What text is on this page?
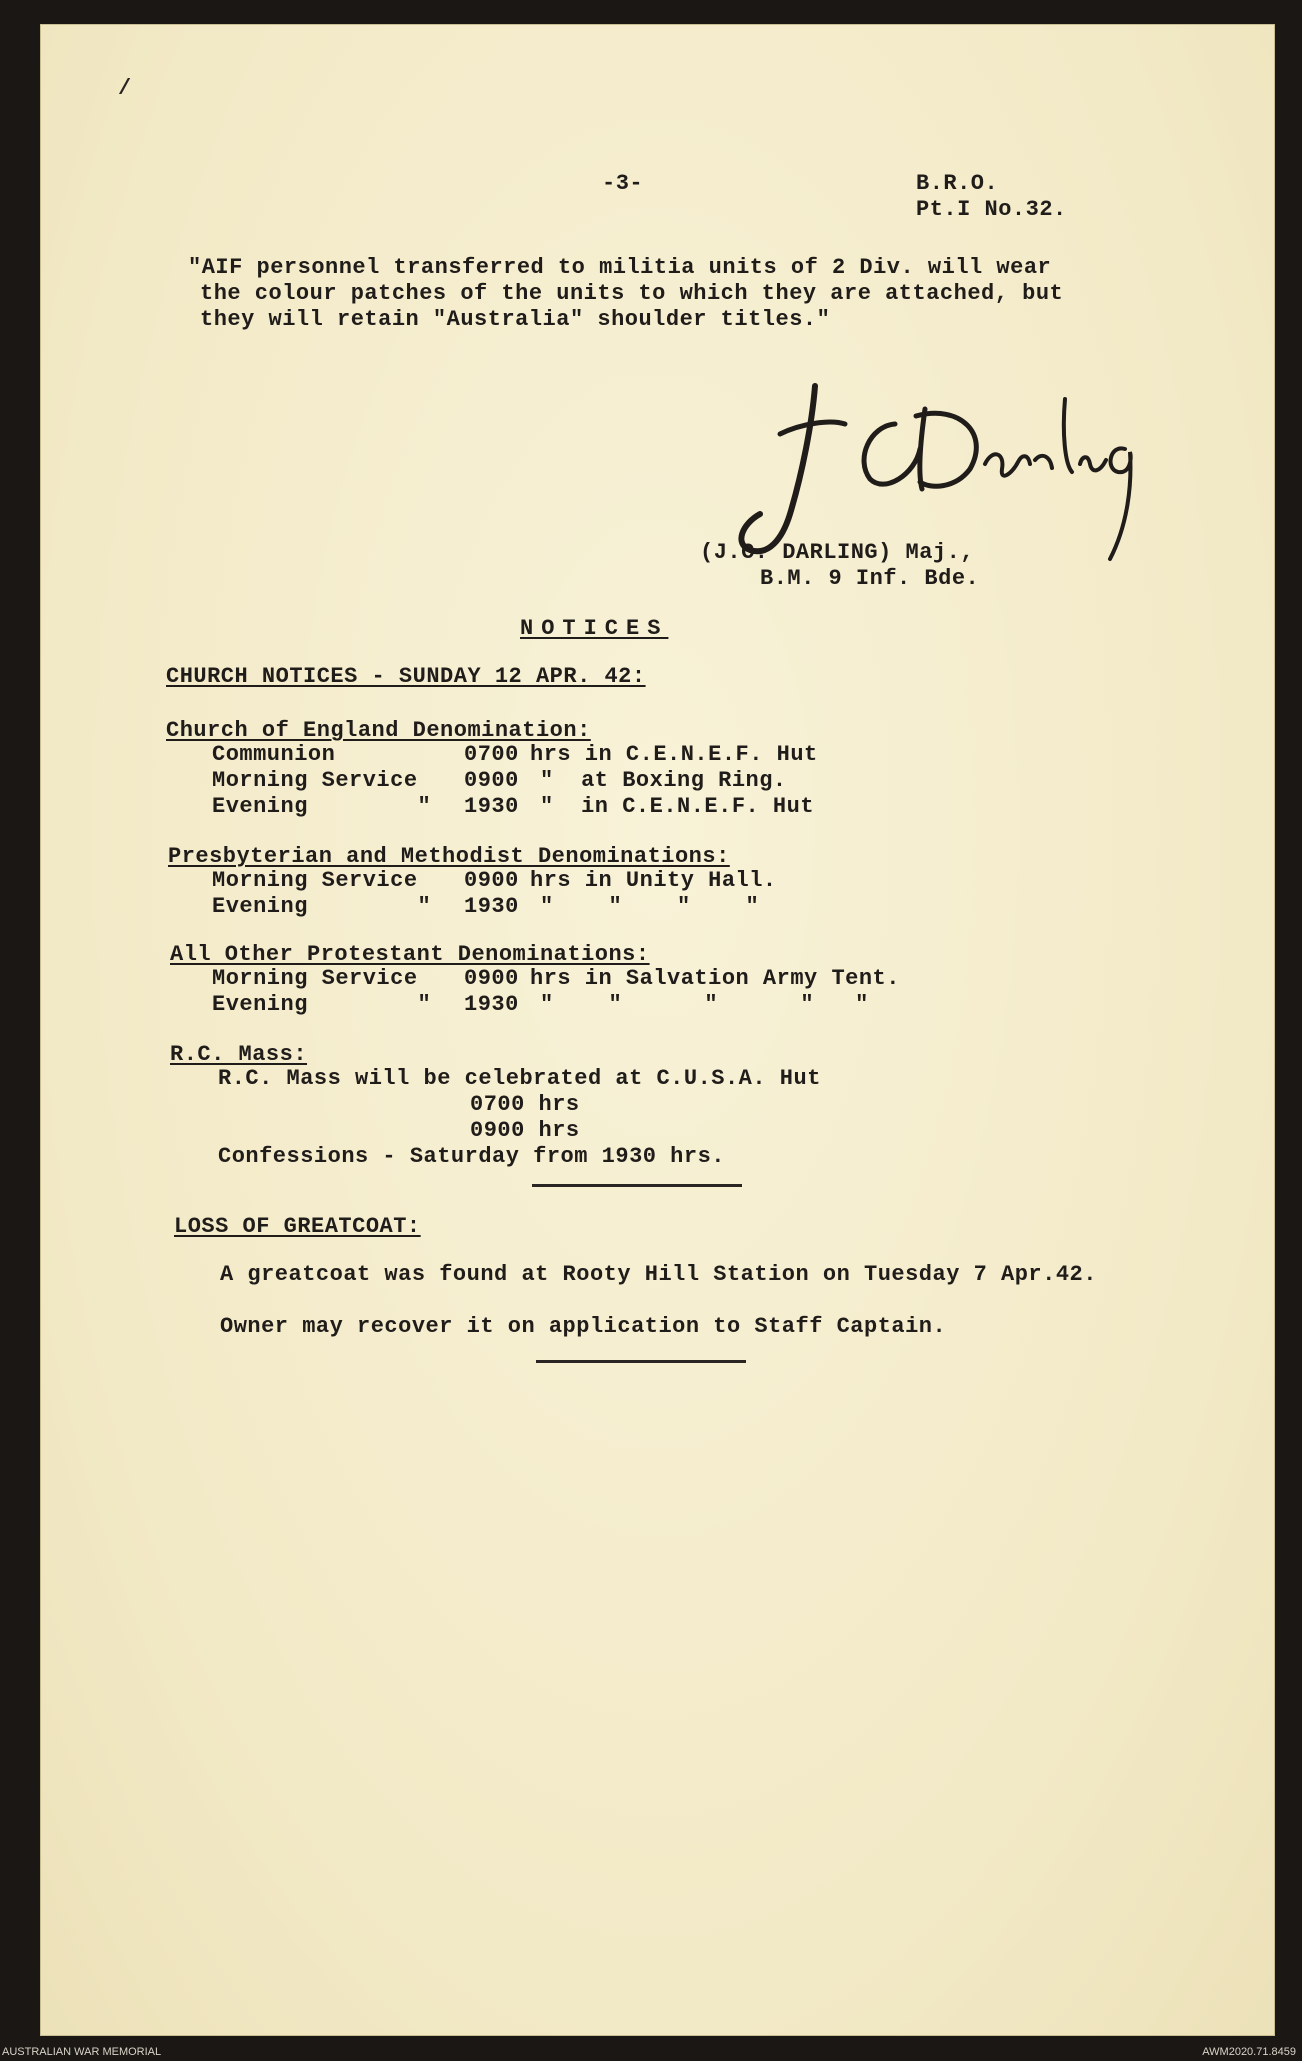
/
-3-	B.R.O.
Pt.I No.32.
"AIF personnel transferred to militia units of 2 Div. will wear
the colour patches of the units to which they are attached, but
they will retain "Australia" shoulder titles."
(J.C. DARLING) Maj.,
B.M. 9 Inf. Bde.
NOTICES
CHURCH NOTICES - SUNDAY 12 APR. 42:
Church of England Denomination:
Communion	0700 hrs in C.E.N.E.F. Hut
Morning Service 0900 "  at Boxing Ring.
Evening        " 1930 "  in C.E.N.E.F. Hut
Presbyterian and Methodist Denominations:
Morning Service 0900 hrs in Unity Hall.
Evening        " 1930 "    "    "    "
All Other Protestant Denominations:
Morning Service 0900 hrs in Salvation Army Tent.
Evening        " 1930 "    "      "      "   "
R.C. Mass:
R.C. Mass will be celebrated at C.U.S.A. Hut
0700 hrs
0900 hrs
Confessions - Saturday from 1930 hrs.
LOSS OF GREATCOAT:
A greatcoat was found at Rooty Hill Station on Tuesday 7 Apr.42.
Owner may recover it on application to Staff Captain.
AUSTRALIAN WAR MEMORIAL	AWM2020.71.8459
